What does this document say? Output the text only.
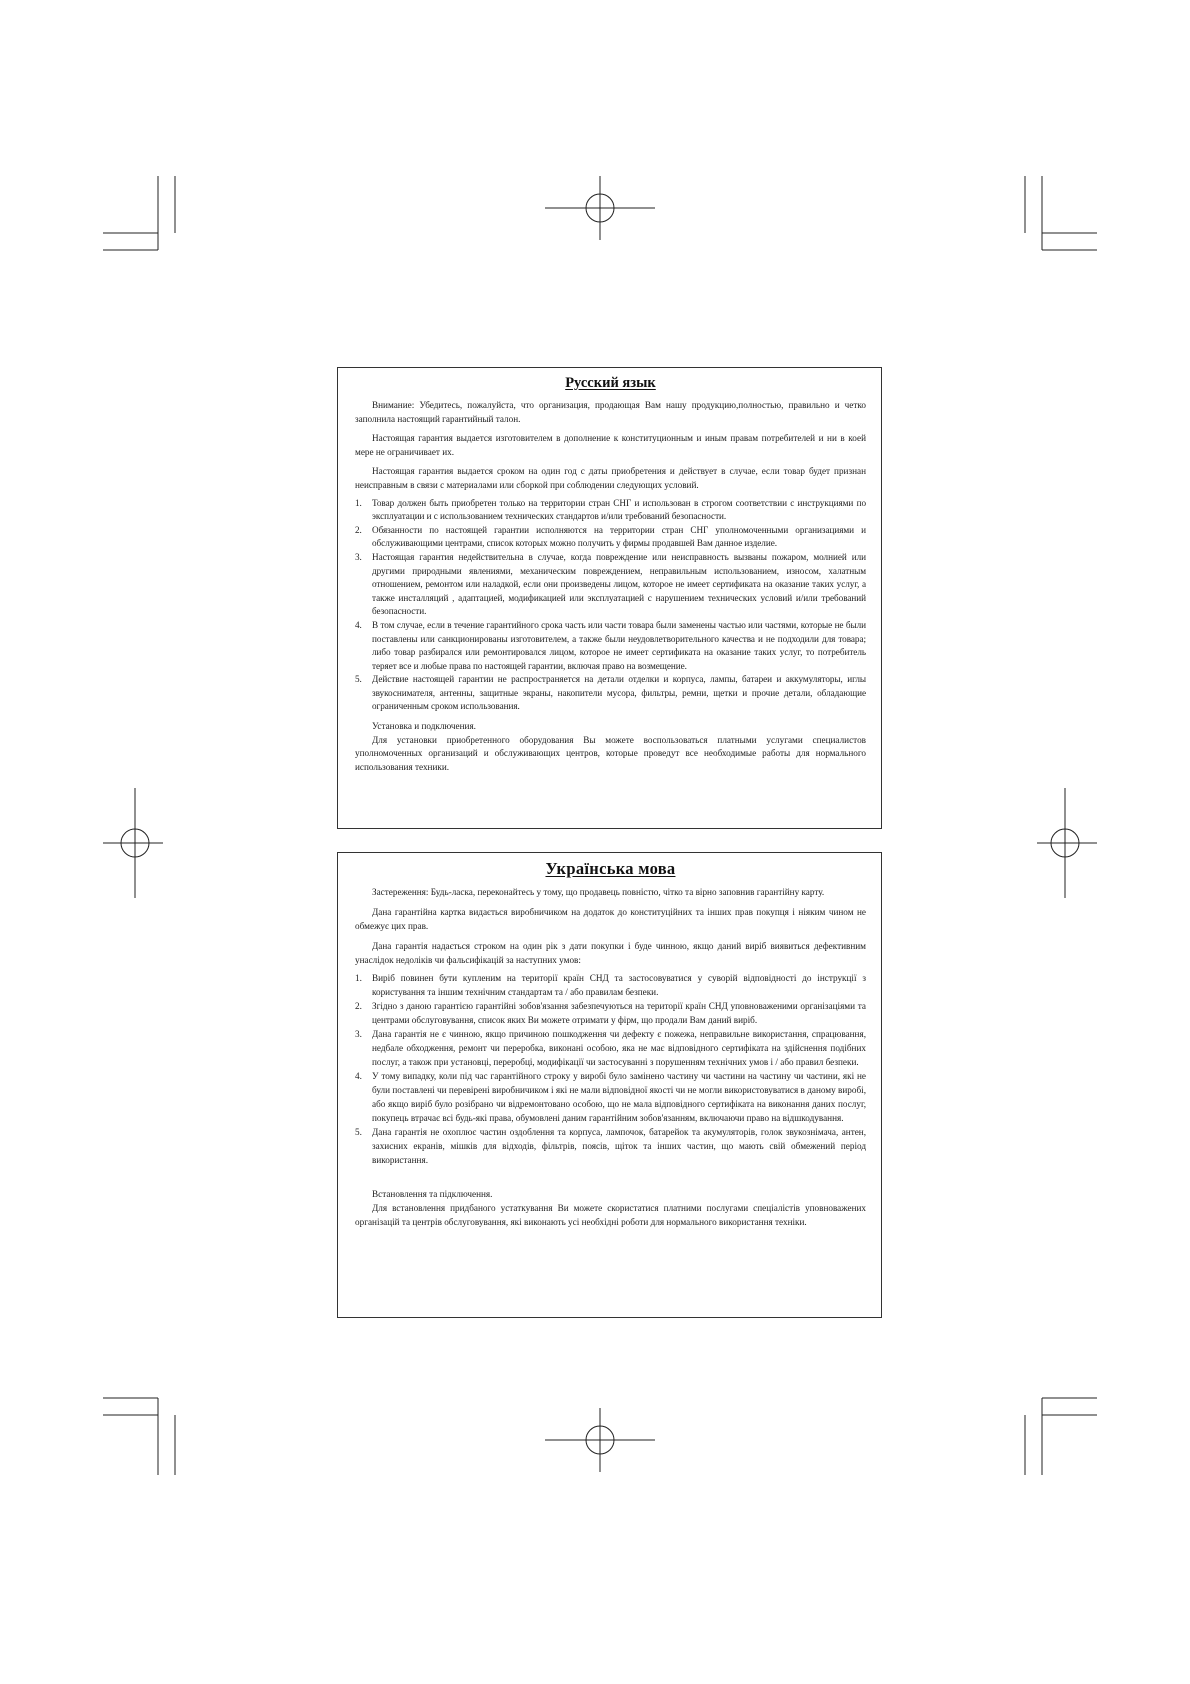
Русский язык

Внимание: Убедитесь, пожалуйста, что организация, продающая Вам нашу продукцию,полностью, правильно и четко заполнила настоящий гарантийный талон.

Настоящая гарантия выдается изготовителем в дополнение к конституционным и иным правам потребителей и ни в коей мере не ограничивает их.

Настоящая гарантия выдается сроком на один год с даты приобретения и действует в случае, если товар будет признан неисправным в связи с материалами или сборкой при соблюдении следующих условий.

1. Товар должен быть приобретен только на территории стран СНГ и использован в строгом соответствии с инструкциями по эксплуатации и с использованием технических стандартов и/или требований безопасности.
2. Обязанности по настоящей гарантии исполняются на территории стран СНГ уполномоченными организациями и обслуживающими центрами, список которых можно получить у фирмы продавшей Вам данное изделие.
3. Настоящая гарантия недействительна в случае, когда повреждение или неисправность вызваны пожаром, молнией или другими природными явлениями, механическим повреждением, неправильным использованием, износом, халатным отношением, ремонтом или наладкой, если они произведены лицом, которое не имеет сертификата на оказание таких услуг, а также инсталляций , адаптацией, модификацией или эксплуатацией с нарушением технических условий и/или требований безопасности.
4. В том случае, если в течение гарантийного срока часть или части товара были заменены частью или частями, которые не были поставлены или санкционированы изготовителем, а также были неудовлетворительного качества и не подходили для товара; либо товар разбирался или ремонтировался лицом, которое не имеет сертификата на оказание таких услуг, то потребитель теряет все и любые права по настоящей гарантии, включая право на возмещение.
5. Действие настоящей гарантии не распространяется на детали отделки и корпуса, лампы, батареи и аккумуляторы, иглы звукоснимателя, антенны, защитные экраны, накопители мусора, фильтры, ремни, щетки и прочие детали, обладающие ограниченным сроком использования.

Установка и подключения.

Для установки приобретенного оборудования Вы можете воспользоваться платными услугами специалистов уполномоченных организаций и обслуживающих центров, которые проведут все необходимые работы для нормального использования техники.

Українська мова

Застереження: Будь-ласка, переконайтесь у тому, що продавець повністю, чітко та вірно заповнив гарантійну карту.

Дана гарантійна картка видається виробничиком на додаток до конституційних та інших прав покупця і ніяким чином не обмежує цих прав.

Дана гарантія надається строком на один рік з дати покупки і буде чинною, якщо даний виріб виявиться дефективним унаслідок недоліків чи фальсифікацій за наступних умов:

1. Виріб повинен бути купленим на території країн СНД та застосовуватися у суворій відповідності до інструкції з користування та іншим технічним стандартам та / або правилам безпеки.
2. Згідно з даною гарантією гарантійні зобов'язання забезпечуються на території країн СНД уповноваженими організаціями та центрами обслуговування, список яких Ви можете отримати у фірм, що продали Вам даний виріб.
3. Дана гарантія не є чинною, якщо причиною пошкодження чи дефекту є пожежа, неправильне використання, спрацювання, недбале обходження, ремонт чи переробка, виконані особою, яка не має відповідного сертифіката на здійснення подібних послуг, а також при установці, переробці, модифікації чи застосуванні з порушенням технічних умов і / або правил безпеки.
4. У тому випадку, коли під час гарантійного строку у виробі було замінено частину чи частини на частину чи частини, які не були поставлені чи перевірені виробничиком і які не мали відповідної якості чи не могли використовуватися в даному виробі, або якщо виріб було розібрано чи відремонтовано особою, що не мала відповідного сертифіката на виконання даних послуг, покупець втрачає всі будь-які права, обумовлені даним гарантійним зобов'язанням, включаючи право на відшкодування.
5. Дана гарантія не охоплює частин оздоблення та корпуса, лампочок, батарейок та акумуляторів, голок звукознімача, антен, захисних екранів, мішків для відходів, фільтрів, поясів, щіток та інших частин, що мають свій обмежений період використання.

Встановлення та підключення.

Для встановлення придбаного устаткування Ви можете скористатися платними послугами спеціалістів уповноважених організацій та центрів обслуговування, які виконають усі необхідні роботи для нормального використання техніки.
